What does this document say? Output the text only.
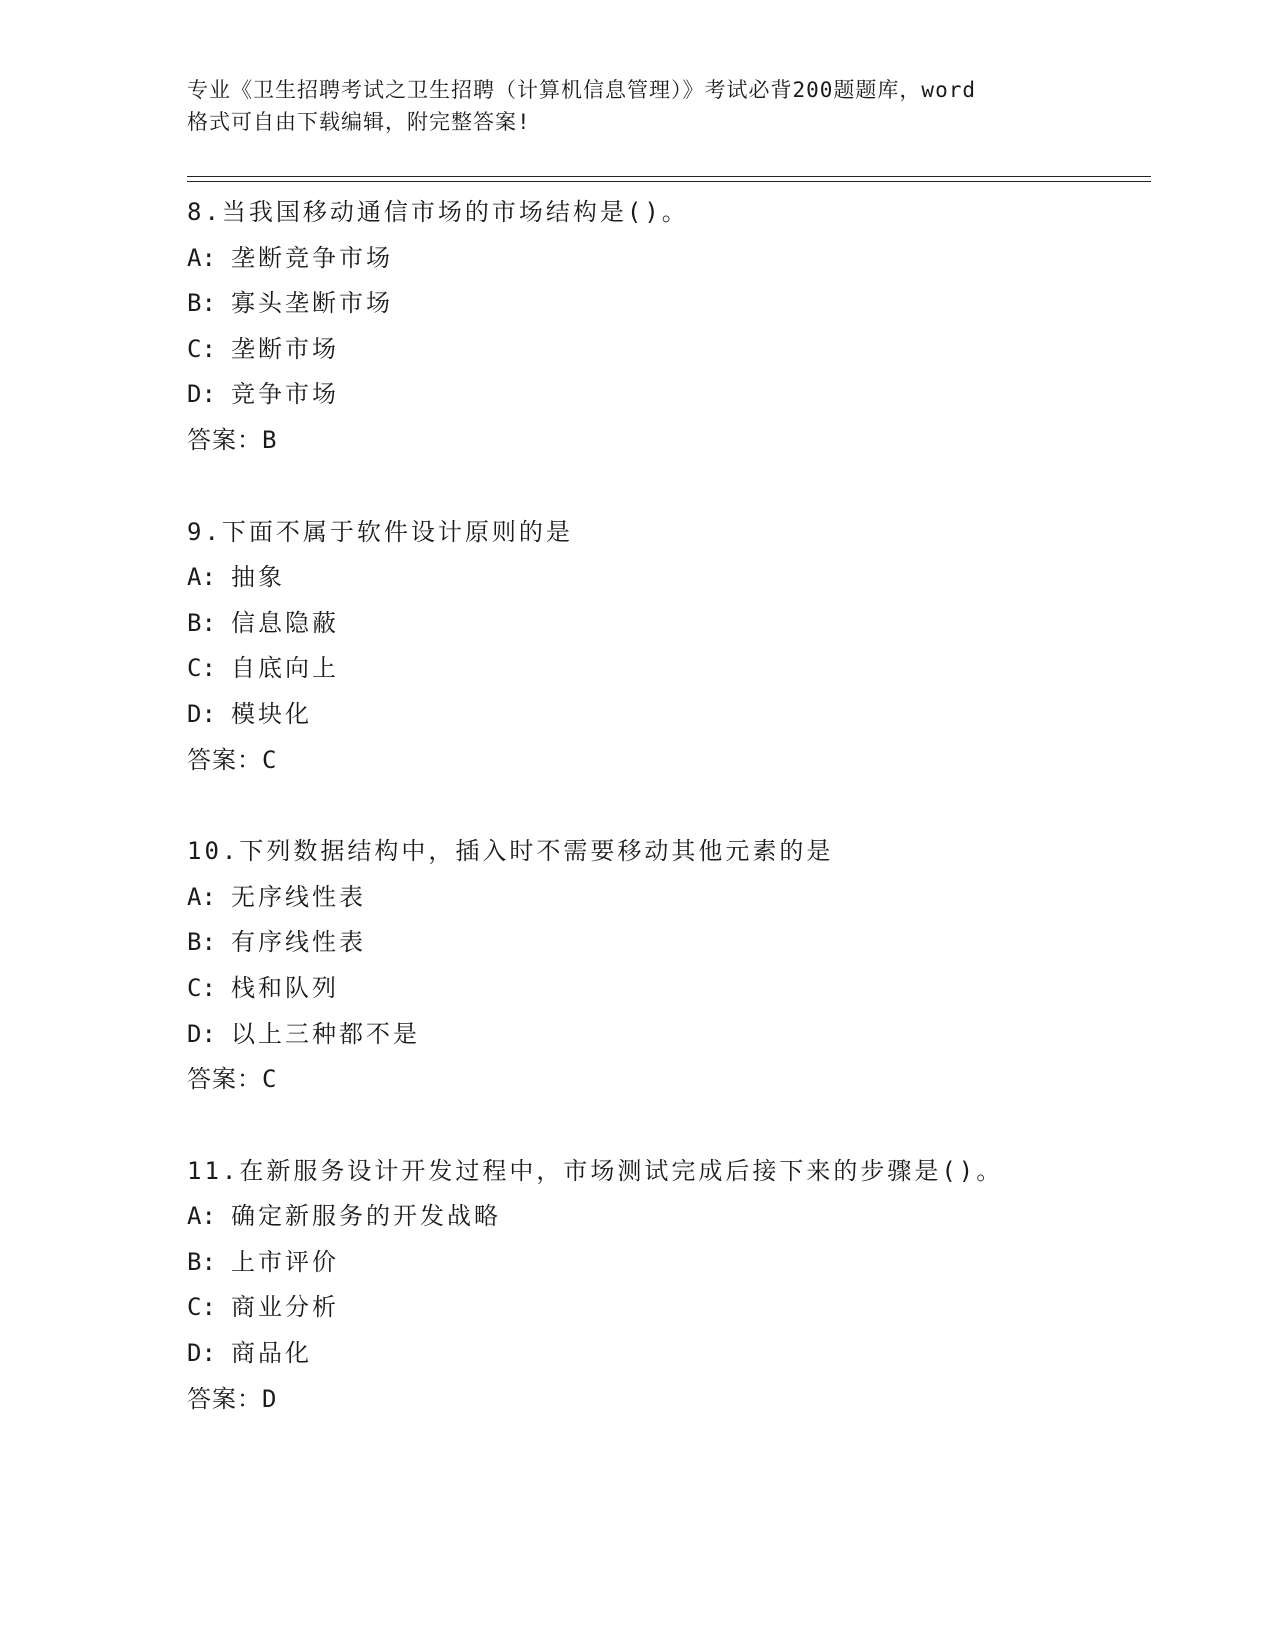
专业《卫生招聘考试之卫生招聘（计算机信息管理）》考试必背200题题库，word
格式可自由下载编辑，附完整答案!
8.当我国移动通信市场的市场结构是()。
A: 垄断竞争市场
B: 寡头垄断市场
C: 垄断市场
D: 竞争市场
答案：B
9.下面不属于软件设计原则的是
A: 抽象
B: 信息隐蔽
C: 自底向上
D: 模块化
答案：C
10.下列数据结构中，插入时不需要移动其他元素的是
A: 无序线性表
B: 有序线性表
C: 栈和队列
D: 以上三种都不是
答案：C
11.在新服务设计开发过程中，市场测试完成后接下来的步骤是()。
A: 确定新服务的开发战略
B: 上市评价
C: 商业分析
D: 商品化
答案：D
